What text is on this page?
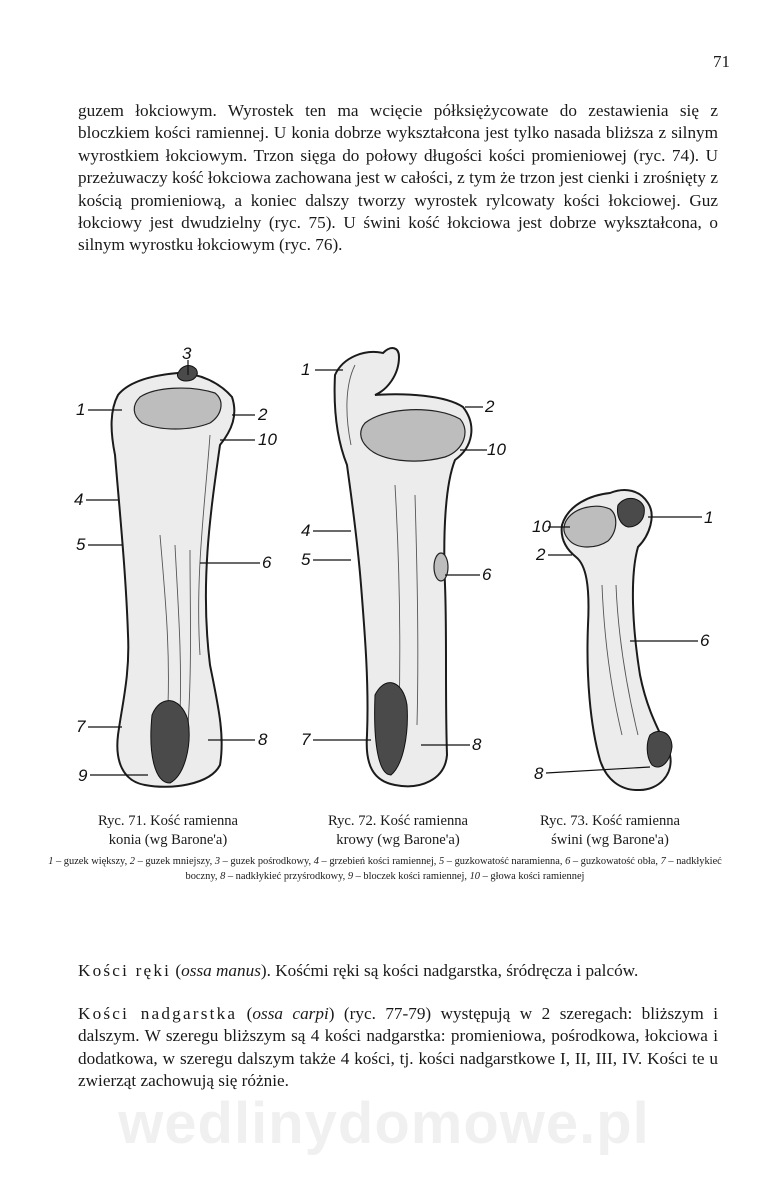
71

guzem łokciowym. Wyrostek ten ma wcięcie półksiężycowate do zestawienia się z bloczkiem kości ramiennej. U konia dobrze wykształcona jest tylko nasada bliższa z silnym wyrostkiem łokciowym. Trzon sięga do połowy długości kości promieniowej (ryc. 74). U przeżuwaczy kość łokciowa zachowana jest w całości, z tym że trzon jest cienki i zrośnięty z kością promieniową, a koniec dalszy tworzy wyrostek rylcowaty kości łokciowej. Guz łokciowy jest dwudzielny (ryc. 75). U świni kość łokciowa jest dobrze wykształcona, o silnym wyrostku łokciowym (ryc. 76).

3
1	2
10
4
5
6
7
8
9
1
2
10
4
5
6
7	8
10	1
2
6
8
Ryc. 71. Kość ramienna
konia (wg Barone'a)
Ryc. 72. Kość ramienna
krowy (wg Barone'a)
Ryc. 73. Kość ramienna
świni (wg Barone'a)

1 – guzek większy, 2 – guzek mniejszy, 3 – guzek pośrodkowy, 4 – grzebień kości ramiennej, 5 – guzkowatość naramienna, 6 – guzkowatość obła, 7 – nadkłykieć boczny, 8 – nadkłykieć przyśrodkowy, 9 – bloczek kości ramiennej, 10 – głowa kości ramiennej

Kości ręki (ossa manus). Kośćmi ręki są kości nadgarstka, śródręcza i palców.

Kości nadgarstka (ossa carpi) (ryc. 77-79) występują w 2 szeregach: bliższym i dalszym. W szeregu bliższym są 4 kości nadgarstka: promieniowa, pośrodkowa, łokciowa i dodatkowa, w szeregu dalszym także 4 kości, tj. kości nadgarstkowe I, II, III, IV. Kości te u zwierząt zachowują się różnie.

wedlinydomowe.pl
